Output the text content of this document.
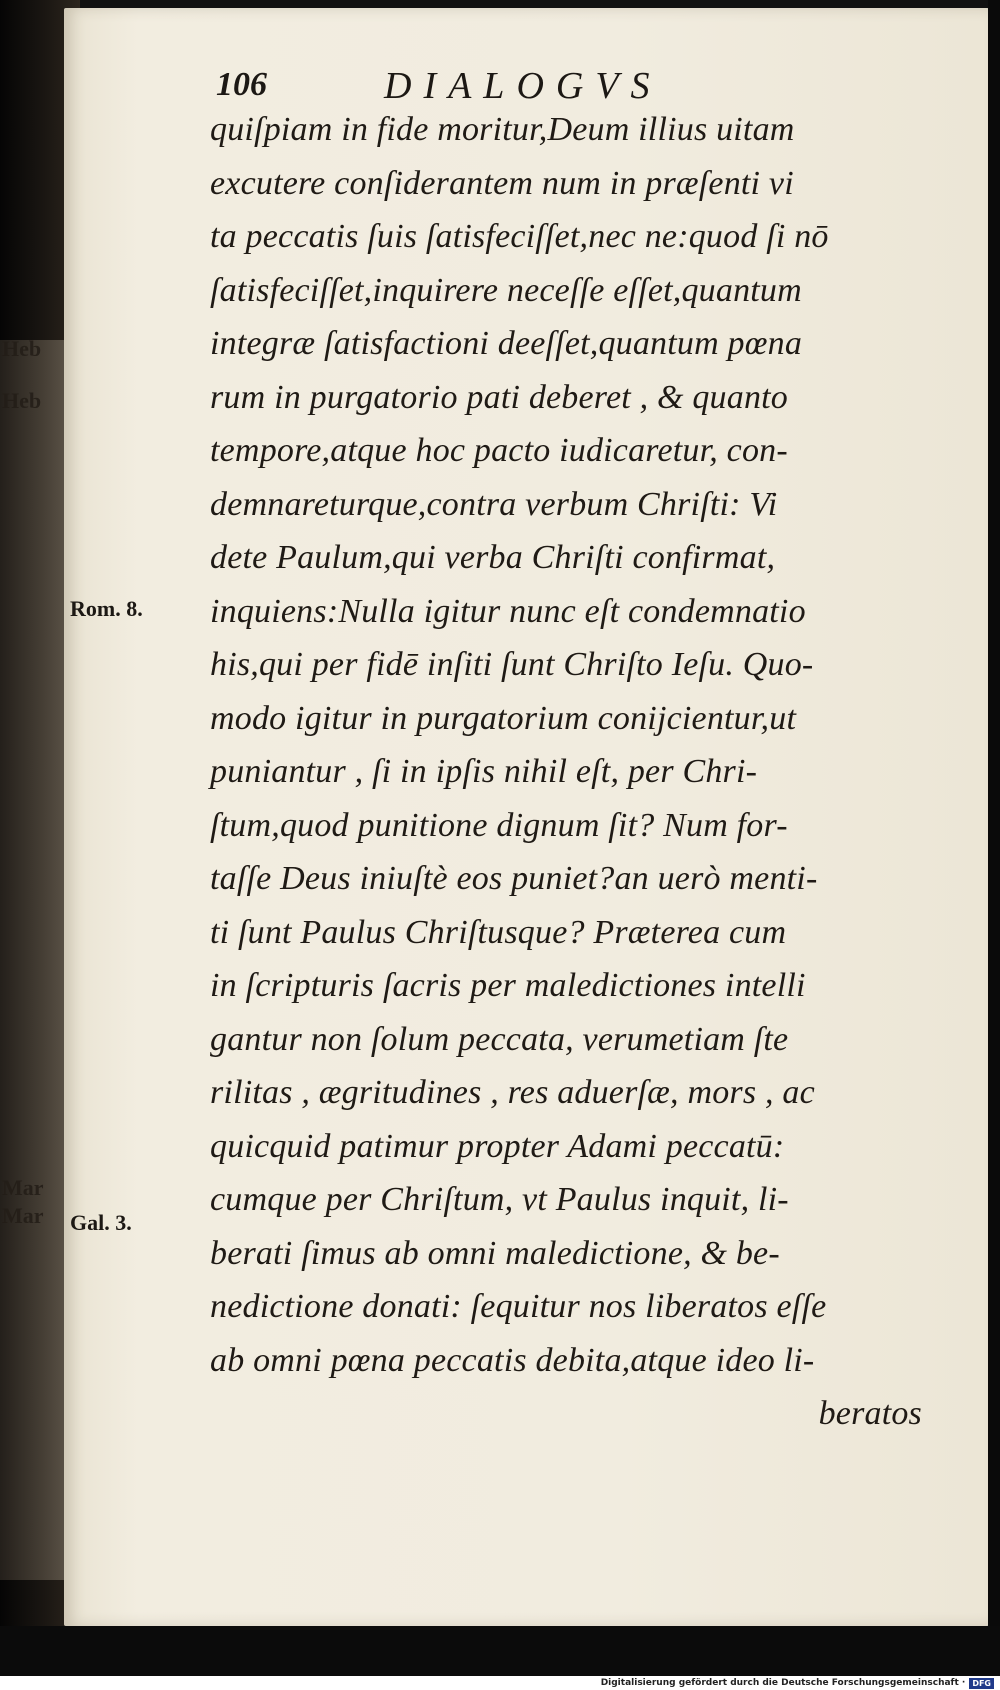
Heb
Heb
Mar
Mar
Rom. 8.
Gal. 3.
106	DIALOGVS
quiſpiam in fide moritur,Deum illius uitam
excutere conſiderantem num in præſenti vi
ta peccatis ſuis ſatisfeciſſet,nec ne:quod ſi nō
ſatisfeciſſet,inquirere neceſſe eſſet,quantum
integræ ſatisfactioni deeſſet,quantum pœna
rum in purgatorio pati deberet , & quanto
tempore,atque hoc pacto iudicaretur, con-
demnareturque,contra verbum Chriſti: Vi
dete Paulum,qui verba Chriſti confirmat,
inquiens:Nulla igitur nunc eſt condemnatio
his,qui per fidē inſiti ſunt Chriſto Ieſu. Quo-
modo igitur in purgatorium conijcientur,ut
puniantur , ſi in ipſis nihil eſt, per Chri-
ſtum,quod punitione dignum ſit? Num for-
taſſe Deus iniuſtè eos puniet?an uerò menti-
ti ſunt Paulus Chriſtusque? Præterea cum
in ſcripturis ſacris per maledictiones intelli
gantur non ſolum peccata, verumetiam ſte
rilitas , ægritudines , res aduerſæ, mors , ac
quicquid patimur propter Adami peccatū:
cumque per Chriſtum, vt Paulus inquit, li-
berati ſimus ab omni maledictione, & be-
nedictione donati: ſequitur nos liberatos eſſe
ab omni pœna peccatis debita,atque ideo li-
beratos
Digitalisierung gefördert durch die Deutsche Forschungsgemeinschaft · DFG
